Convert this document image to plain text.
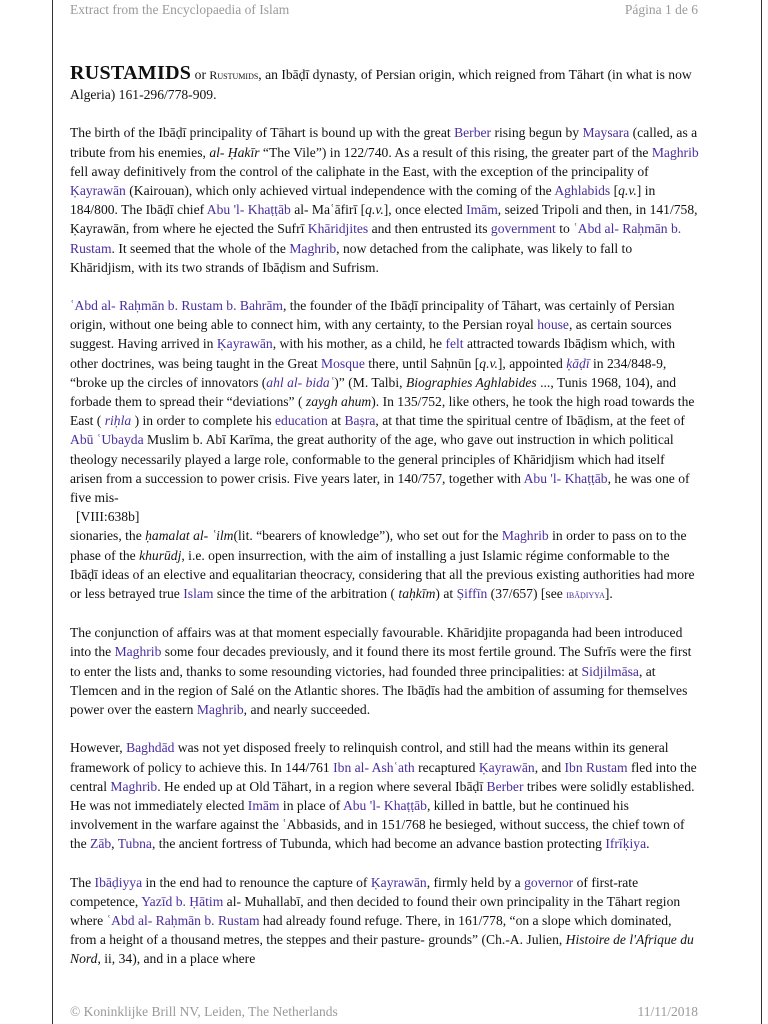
Extract from the Encyclopaedia of Islam	Página 1 de 6

RUSTAMIDS or Rustumids, an Ibāḍī dynasty, of Persian origin, which reigned from Tāhart (in what is now Algeria) 161-296/778-909.

The birth of the Ibāḍī principality of Tāhart is bound up with the great Berber rising begun by Maysara (called, as a tribute from his enemies, al- Ḥakīr “The Vile”) in 122/740. As a result of this rising, the greater part of the Maghrib fell away definitively from the control of the caliphate in the East, with the exception of the principality of Ḳayrawān (Kairouan), which only achieved virtual independence with the coming of the Aghlabids [q.v.] in 184/800. The Ibāḍī chief Abu 'l- Khaṭṭāb al- Maʿāfirī [q.v.], once elected Imām, seized Tripoli and then, in 141/758, Ḳayrawān, from where he ejected the Sufrī Khāridjites and then entrusted its government to ʿAbd al- Raḥmān b. Rustam. It seemed that the whole of the Maghrib, now detached from the caliphate, was likely to fall to Khāridjism, with its two strands of Ibāḍism and Sufrism.

ʿAbd al- Raḥmān b. Rustam b. Bahrām, the founder of the Ibāḍī principality of Tāhart, was certainly of Persian origin, without one being able to connect him, with any certainty, to the Persian royal house, as certain sources suggest. Having arrived in Ḳayrawān, with his mother, as a child, he felt attracted towards Ibāḍism which, with other doctrines, was being taught in the Great Mosque there, until Saḥnūn [q.v.], appointed ḳāḍī in 234/848-9, “broke up the circles of innovators (ahl al- bidaʿ)” (M. Talbi, Biographies Aghlabides ..., Tunis 1968, 104), and forbade them to spread their “deviations” ( zaygh ahum). In 135/752, like others, he took the high road towards the East ( riḥla ) in order to complete his education at Baṣra, at that time the spiritual centre of Ibāḍism, at the feet of Abū ʿUbayda Muslim b. Abī Karīma, the great authority of the age, who gave out instruction in which political theology necessarily played a large role, conformable to the general principles of Khāridjism which had itself arisen from a succession to power crisis. Five years later, in 140/757, together with Abu 'l- Khaṭṭāb, he was one of five mis-
[VIII:638b]
sionaries, the ḥamalat al- ʿilm(lit. “bearers of knowledge”), who set out for the Maghrib in order to pass on to the phase of the khurūdj, i.e. open insurrection, with the aim of installing a just Islamic régime conformable to the Ibāḍī ideas of an elective and equalitarian theocracy, considering that all the previous existing authorities had more or less betrayed true Islam since the time of the arbitration ( taḥkīm) at Ṣiffīn (37/657) [see ibāḍiyya].

The conjunction of affairs was at that moment especially favourable. Khāridjite propaganda had been introduced into the Maghrib some four decades previously, and it found there its most fertile ground. The Sufrīs were the first to enter the lists and, thanks to some resounding victories, had founded three principalities: at Sidjilmāsa, at Tlemcen and in the region of Salé on the Atlantic shores. The Ibāḍīs had the ambition of assuming for themselves power over the eastern Maghrib, and nearly succeeded.

However, Baghdād was not yet disposed freely to relinquish control, and still had the means within its general framework of policy to achieve this. In 144/761 Ibn al- Ashʿath recaptured Ḳayrawān, and Ibn Rustam fled into the central Maghrib. He ended up at Old Tāhart, in a region where several Ibāḍī Berber tribes were solidly established. He was not immediately elected Imām in place of Abu 'l- Khaṭṭāb, killed in battle, but he continued his involvement in the warfare against the ʿAbbasids, and in 151/768 he besieged, without success, the chief town of the Zāb, Tubna, the ancient fortress of Tubunda, which had become an advance bastion protecting Ifrīḳiya.

The Ibāḍiyya in the end had to renounce the capture of Ḳayrawān, firmly held by a governor of first-rate competence, Yazīd b. Ḥātim al- Muhallabī, and then decided to found their own principality in the Tāhart region where ʿAbd al- Raḥmān b. Rustam had already found refuge. There, in 161/778, “on a slope which dominated, from a height of a thousand metres, the steppes and their pasture- grounds” (Ch.-A. Julien, Histoire de l'Afrique du Nord, ii, 34), and in a place where

© Koninklijke Brill NV, Leiden, The Netherlands	11/11/2018
